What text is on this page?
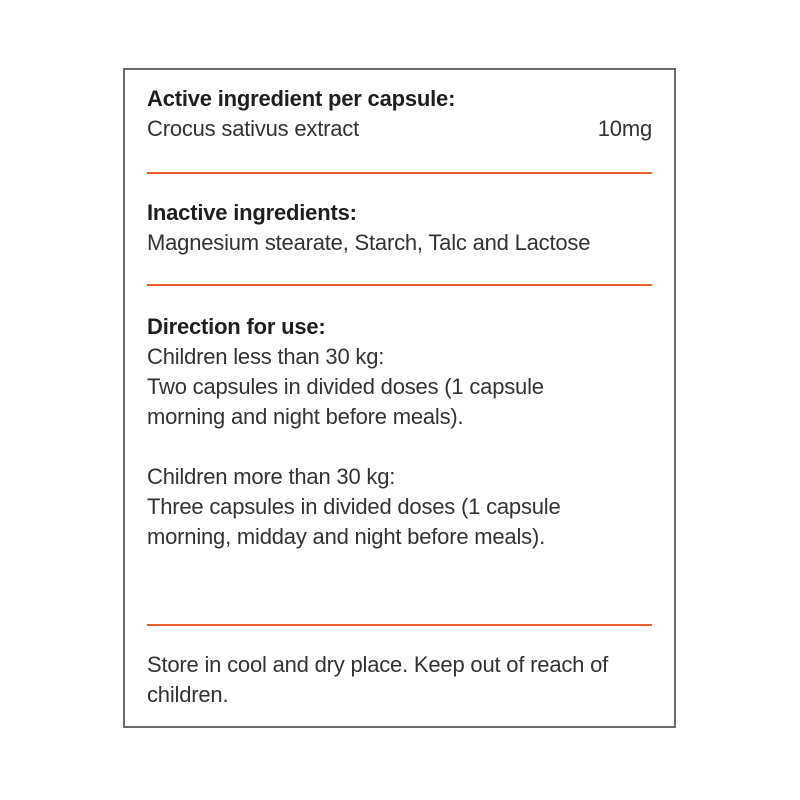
Active ingredient per capsule:
Crocus sativus extract	10mg
Inactive ingredients:
Magnesium stearate, Starch, Talc and Lactose
Direction for use:
Children less than 30 kg:
Two capsules in divided doses (1 capsule
morning and night before meals).
Children more than 30 kg:
Three capsules in divided doses (1 capsule
morning, midday and night before meals).
Store in cool and dry place. Keep out of reach of
children.
